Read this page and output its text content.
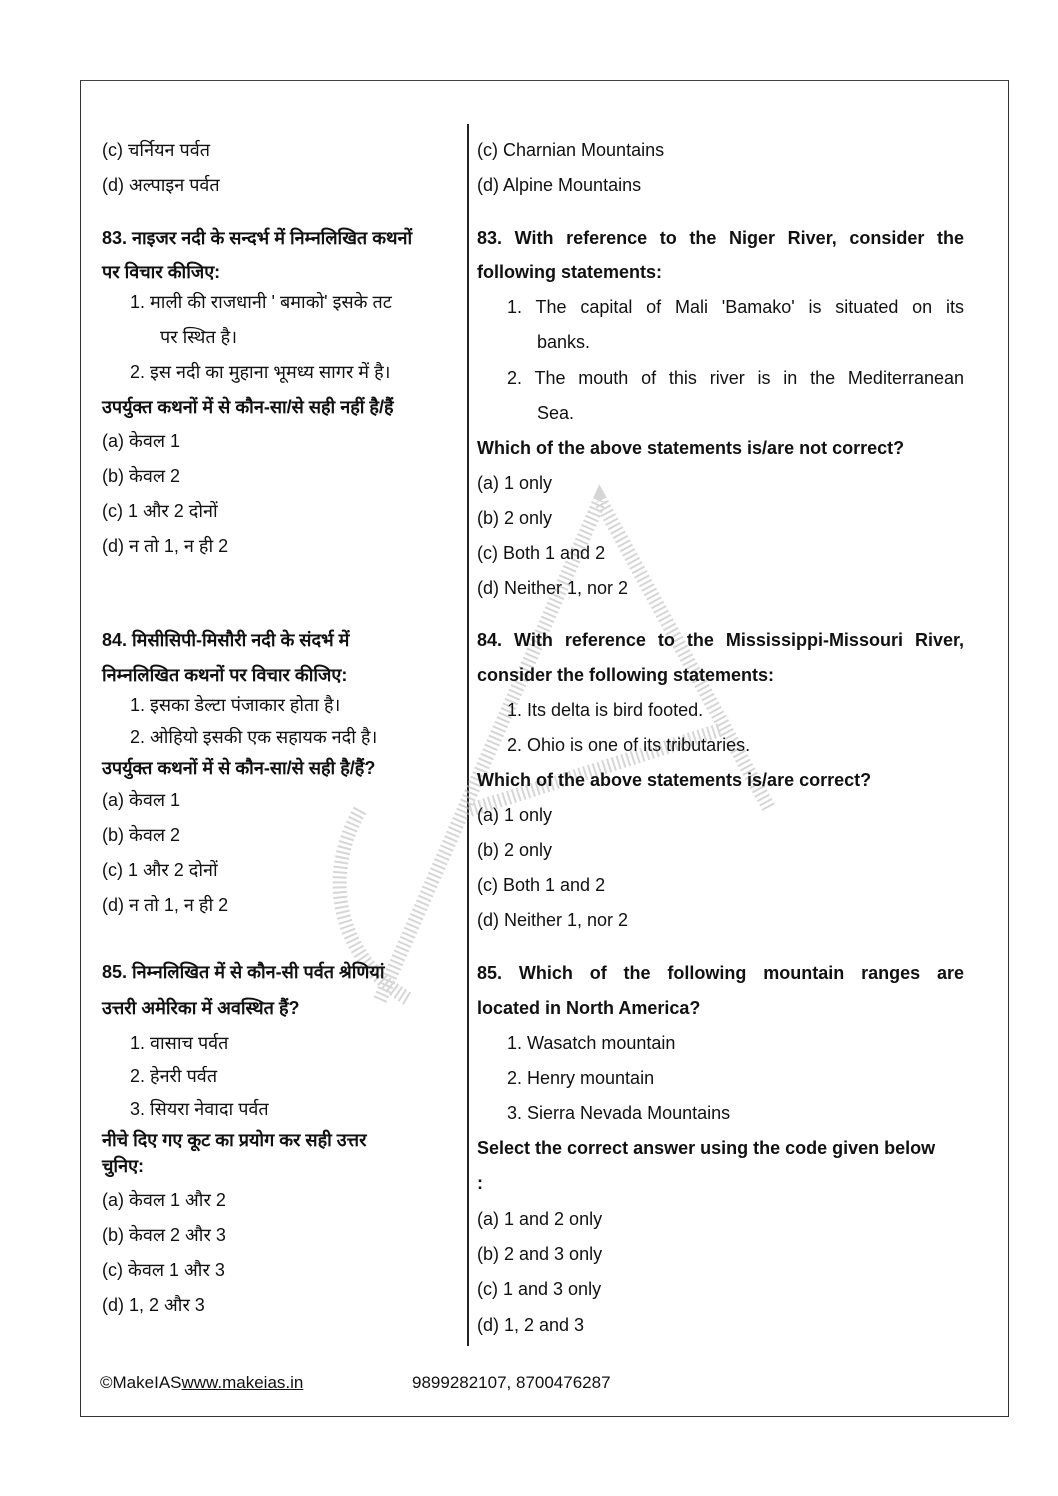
(c) चर्नियन पर्वत
(d) अल्पाइन पर्वत
83. नाइजर नदी के सन्दर्भ में निम्नलिखित कथनों
पर विचार कीजिए:
1. माली की राजधानी ' बमाको' इसके तट
पर स्थित है।
2. इस नदी का मुहाना भूमध्य सागर में है।
उपर्युक्त कथनों में से कौन-सा/से सही नहीं है/हैं
(a) केवल 1
(b) केवल 2
(c) 1 और 2 दोनों
(d) न तो 1, न ही 2
84. मिसीसिपी-मिसौरी नदी के संदर्भ में
निम्नलिखित कथनों पर विचार कीजिए:
1. इसका डेल्टा पंजाकार होता है।
2. ओहियो इसकी एक सहायक नदी है।
उपर्युक्त कथनों में से कौन-सा/से सही है/हैं?
(a) केवल 1
(b) केवल 2
(c) 1 और 2 दोनों
(d) न तो 1, न ही 2
85. निम्नलिखित में से कौन-सी पर्वत श्रेणियां
उत्तरी अमेरिका में अवस्थित हैं?
1. वासाच पर्वत
2. हेनरी पर्वत
3. सियरा नेवादा पर्वत
नीचे दिए गए कूट का प्रयोग कर सही उत्तर
चुनिए:
(a) केवल 1 और 2
(b) केवल 2 और 3
(c) केवल 1 और 3
(d) 1, 2 और 3
(c) Charnian Mountains
(d) Alpine Mountains
83. With reference to the Niger River, consider the
following statements:
1. The capital of Mali 'Bamako' is situated on its
banks.
2. The mouth of this river is in the Mediterranean
Sea.
Which of the above statements is/are not correct?
(a) 1 only
(b) 2 only
(c) Both 1 and 2
(d) Neither 1, nor 2
84. With reference to the Mississippi-Missouri River,
consider the following statements:
1. Its delta is bird footed.
2. Ohio is one of its tributaries.
Which of the above statements is/are correct?
(a) 1 only
(b) 2 only
(c) Both 1 and 2
(d) Neither 1, nor 2
85. Which of the following mountain ranges are
located in North America?
1. Wasatch mountain
2. Henry mountain
3. Sierra Nevada Mountains
Select the correct answer using the code given below
:
(a) 1 and 2 only
(b) 2 and 3 only
(c) 1 and 3 only
(d) 1, 2 and 3
©MakeIASwww.makeias.in	9899282107, 8700476287
